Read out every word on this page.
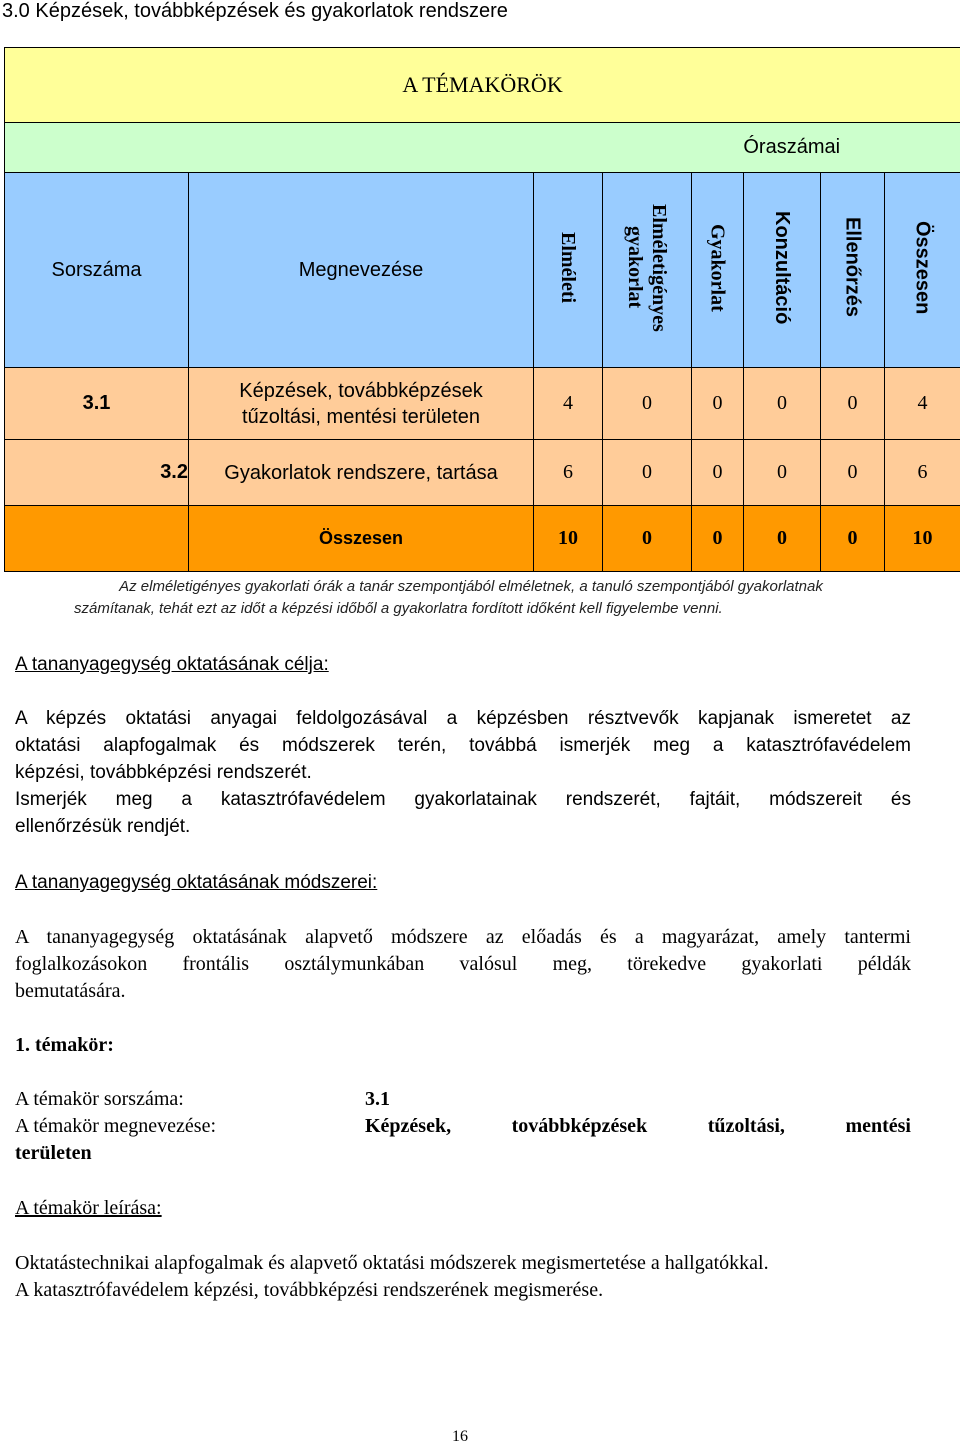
3.0 Képzések, továbbképzések és gyakorlatok rendszere
A TÉMAKÖRÖK							
		Óraszámai					
Sorszáma	Megnevezése	Elméleti	Elméletigényes
gyakorlat	Gyakorlat	Konzultáció	Ellenőrzés	Összesen
3.1	Képzések, továbbképzések
tűzoltási, mentési területen	4	0	0	0	0	4
3.2	Gyakorlatok rendszere, tartása	6	0	0	0	0	6
	Összesen	10	0	0	0	0	10
Az elméletigényes gyakorlati órák a tanár szempontjából elméletnek, a tanuló szempontjából gyakorlatnak
számítanak, tehát ezt az időt a képzési időből a gyakorlatra fordított időként kell figyelembe venni.
A tananyagegység oktatásának célja:
A képzés oktatási anyagai feldolgozásával a képzésben résztvevők kapjanak ismeretet az
oktatási alapfogalmak és módszerek terén, továbbá ismerjék meg a katasztrófavédelem
képzési, továbbképzési rendszerét.
Ismerjék meg a katasztrófavédelem gyakorlatainak rendszerét, fajtáit, módszereit és
ellenőrzésük rendjét.
A tananyagegység oktatásának módszerei:
A tananyagegység oktatásának alapvető módszere az előadás és a magyarázat, amely tantermi
foglalkozásokon frontális osztálymunkában valósul meg, törekedve gyakorlati példák
bemutatására.
1. témakör:
A témakör sorszáma:	3.1
A témakör megnevezése:	Képzések, továbbképzések tűzoltási, mentési
területen
A témakör leírása:
Oktatástechnikai alapfogalmak és alapvető oktatási módszerek megismertetése a hallgatókkal.
A katasztrófavédelem képzési, továbbképzési rendszerének megismerése.
16
